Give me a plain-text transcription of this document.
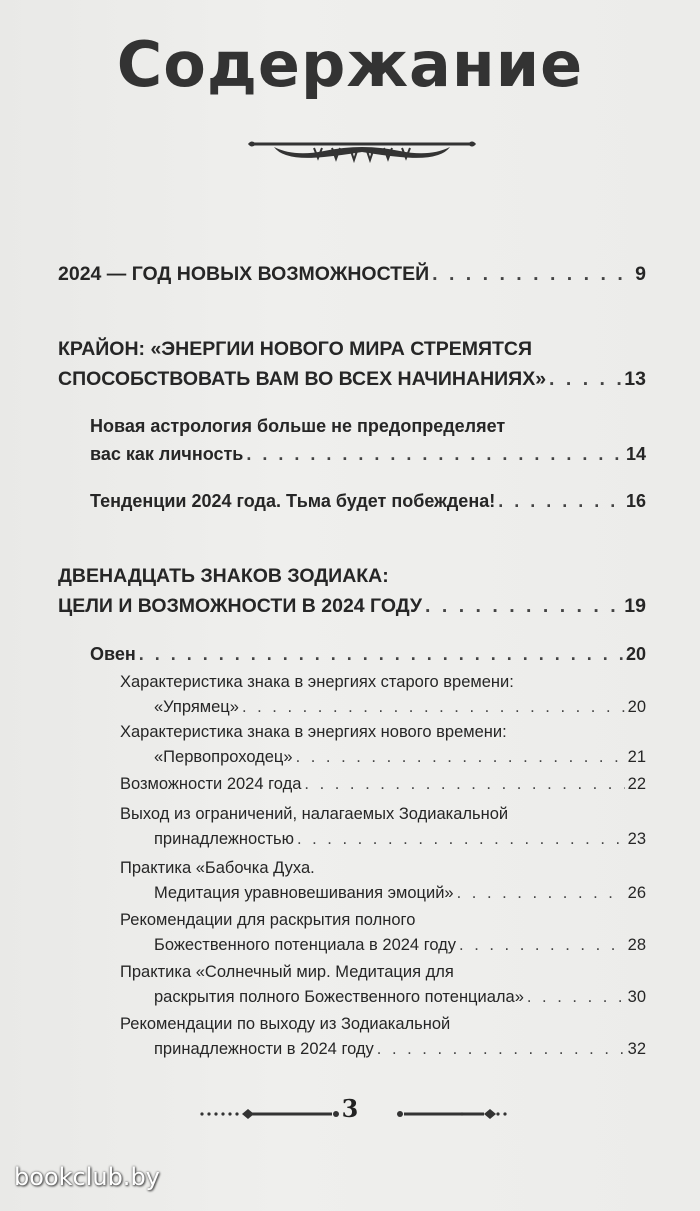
Содержание
2024 — ГОД НОВЫХ ВОЗМОЖНОСТЕЙ . . .	9
КРАЙОН: «ЭНЕРГИИ НОВОГО МИРА СТРЕМЯТСЯ
СПОСОБСТВОВАТЬ ВАМ ВО ВСЕХ НАЧИНАНИЯХ» . . .	13
Новая астрология больше не предопределяет
вас как личность . . .	14
Тенденции 2024 года. Тьма будет побеждена! . . .	16
ДВЕНАДЦАТЬ ЗНАКОВ ЗОДИАКА:
ЦЕЛИ И ВОЗМОЖНОСТИ В 2024 ГОДУ . . .	19
Овен . . .	20
Характеристика знака в энергиях старого времени:
«Упрямец» . . .	20
Характеристика знака в энергиях нового времени:
«Первопроходец» . . .	21
Возможности 2024 года . . .	22
Выход из ограничений, налагаемых Зодиакальной
принадлежностью . . .	23
Практика «Бабочка Духа.
Медитация уравновешивания эмоций» . . .	26
Рекомендации для раскрытия полного
Божественного потенциала в 2024 году . . .	28
Практика «Солнечный мир. Медитация для
раскрытия полного Божественного потенциала» . . .	30
Рекомендации по выходу из Зодиакальной
принадлежности в 2024 году . . .	32
3
bookclub.by
